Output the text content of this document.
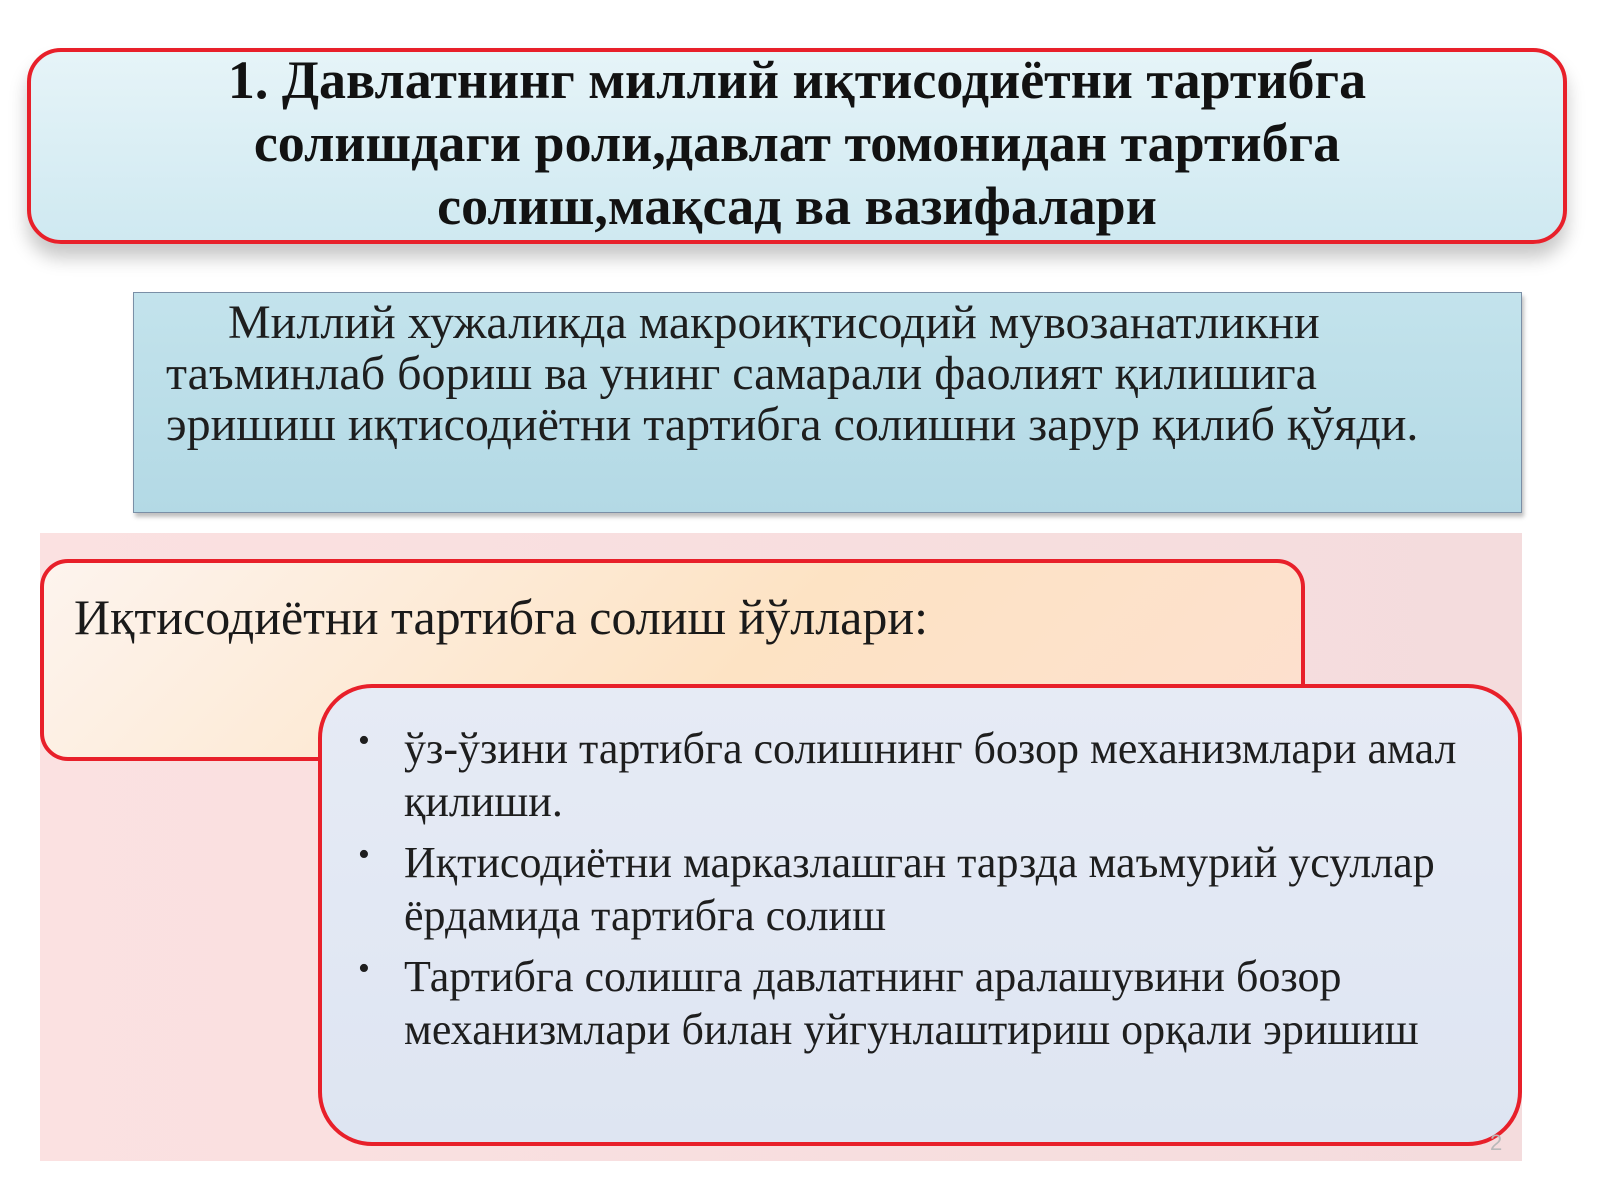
1. Давлатнинг миллий иқтисодиётни тартибга
солишдаги роли,давлат томонидан тартибга
солиш,мақсад ва вазифалари

Миллий хужаликда макроиқтисодий мувозанатликни таъминлаб бориш ва унинг самарали фаолият қилишига эришиш иқтисодиётни тартибга солишни зарур қилиб қўяди.

Иқтисодиётни тартибга солиш йўллари:

• ўз-ўзини тартибга солишнинг бозор механизмлари амал қилиши.
• Иқтисодиётни марказлашган тарзда маъмурий усуллар ёрдамида тартибга солиш
• Тартибга солишга давлатнинг аралашувини бозор механизмлари билан уйгунлаштириш орқали эришиш
2
